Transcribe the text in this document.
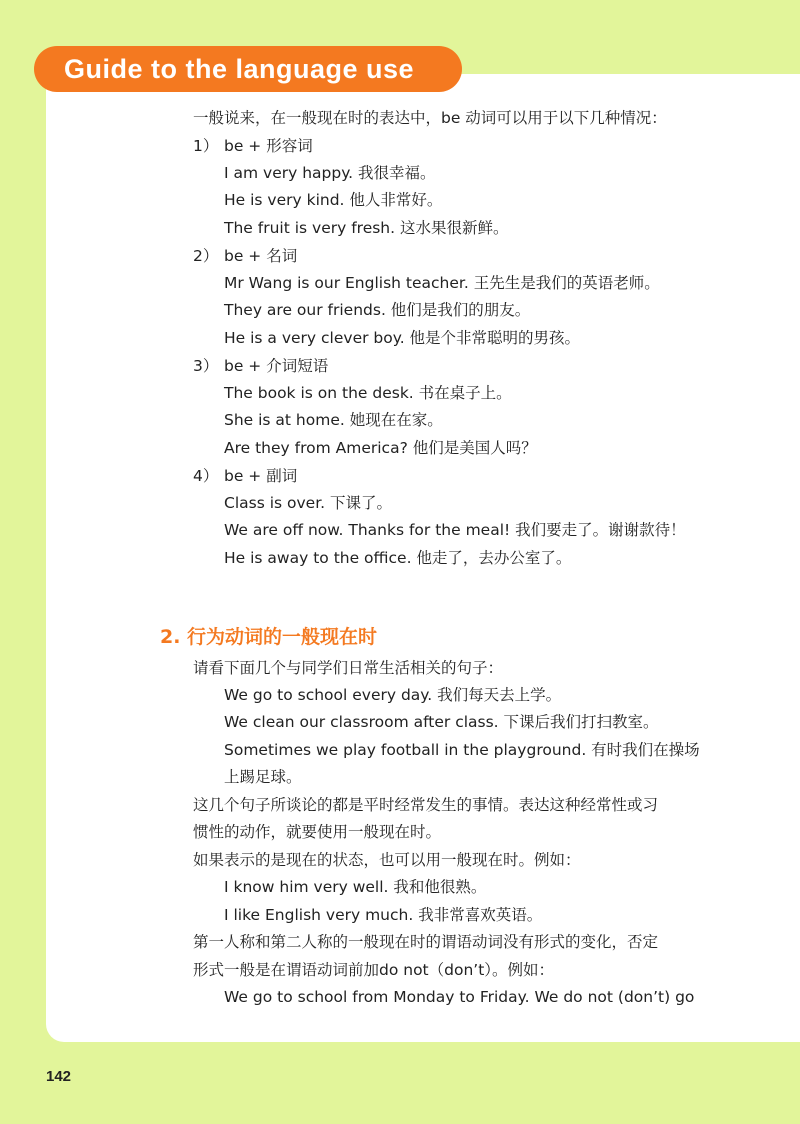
Guide to the language use
一般说来，在一般现在时的表达中，be 动词可以用于以下几种情况：
1） be + 形容词
I am very happy. 我很幸福。
He is very kind. 他人非常好。
The fruit is very fresh. 这水果很新鲜。
2） be + 名词
Mr Wang is our English teacher. 王先生是我们的英语老师。
They are our friends. 他们是我们的朋友。
He is a very clever boy. 他是个非常聪明的男孩。
3） be + 介词短语
The book is on the desk. 书在桌子上。
She is at home. 她现在在家。
Are they from America? 他们是美国人吗？
4） be + 副词
Class is over. 下课了。
We are off now. Thanks for the meal! 我们要走了。谢谢款待！
He is away to the office. 他走了，去办公室了。
2. 行为动词的一般现在时
请看下面几个与同学们日常生活相关的句子：
We go to school every day. 我们每天去上学。
We clean our classroom after class. 下课后我们打扫教室。
Sometimes we play football in the playground. 有时我们在操场
上踢足球。
这几个句子所谈论的都是平时经常发生的事情。表达这种经常性或习
惯性的动作，就要使用一般现在时。
如果表示的是现在的状态，也可以用一般现在时。例如：
I know him very well. 我和他很熟。
I like English very much. 我非常喜欢英语。
第一人称和第二人称的一般现在时的谓语动词没有形式的变化，否定
形式一般是在谓语动词前加do not（don’t）。例如：
We go to school from Monday to Friday. We do not (don’t) go
142
